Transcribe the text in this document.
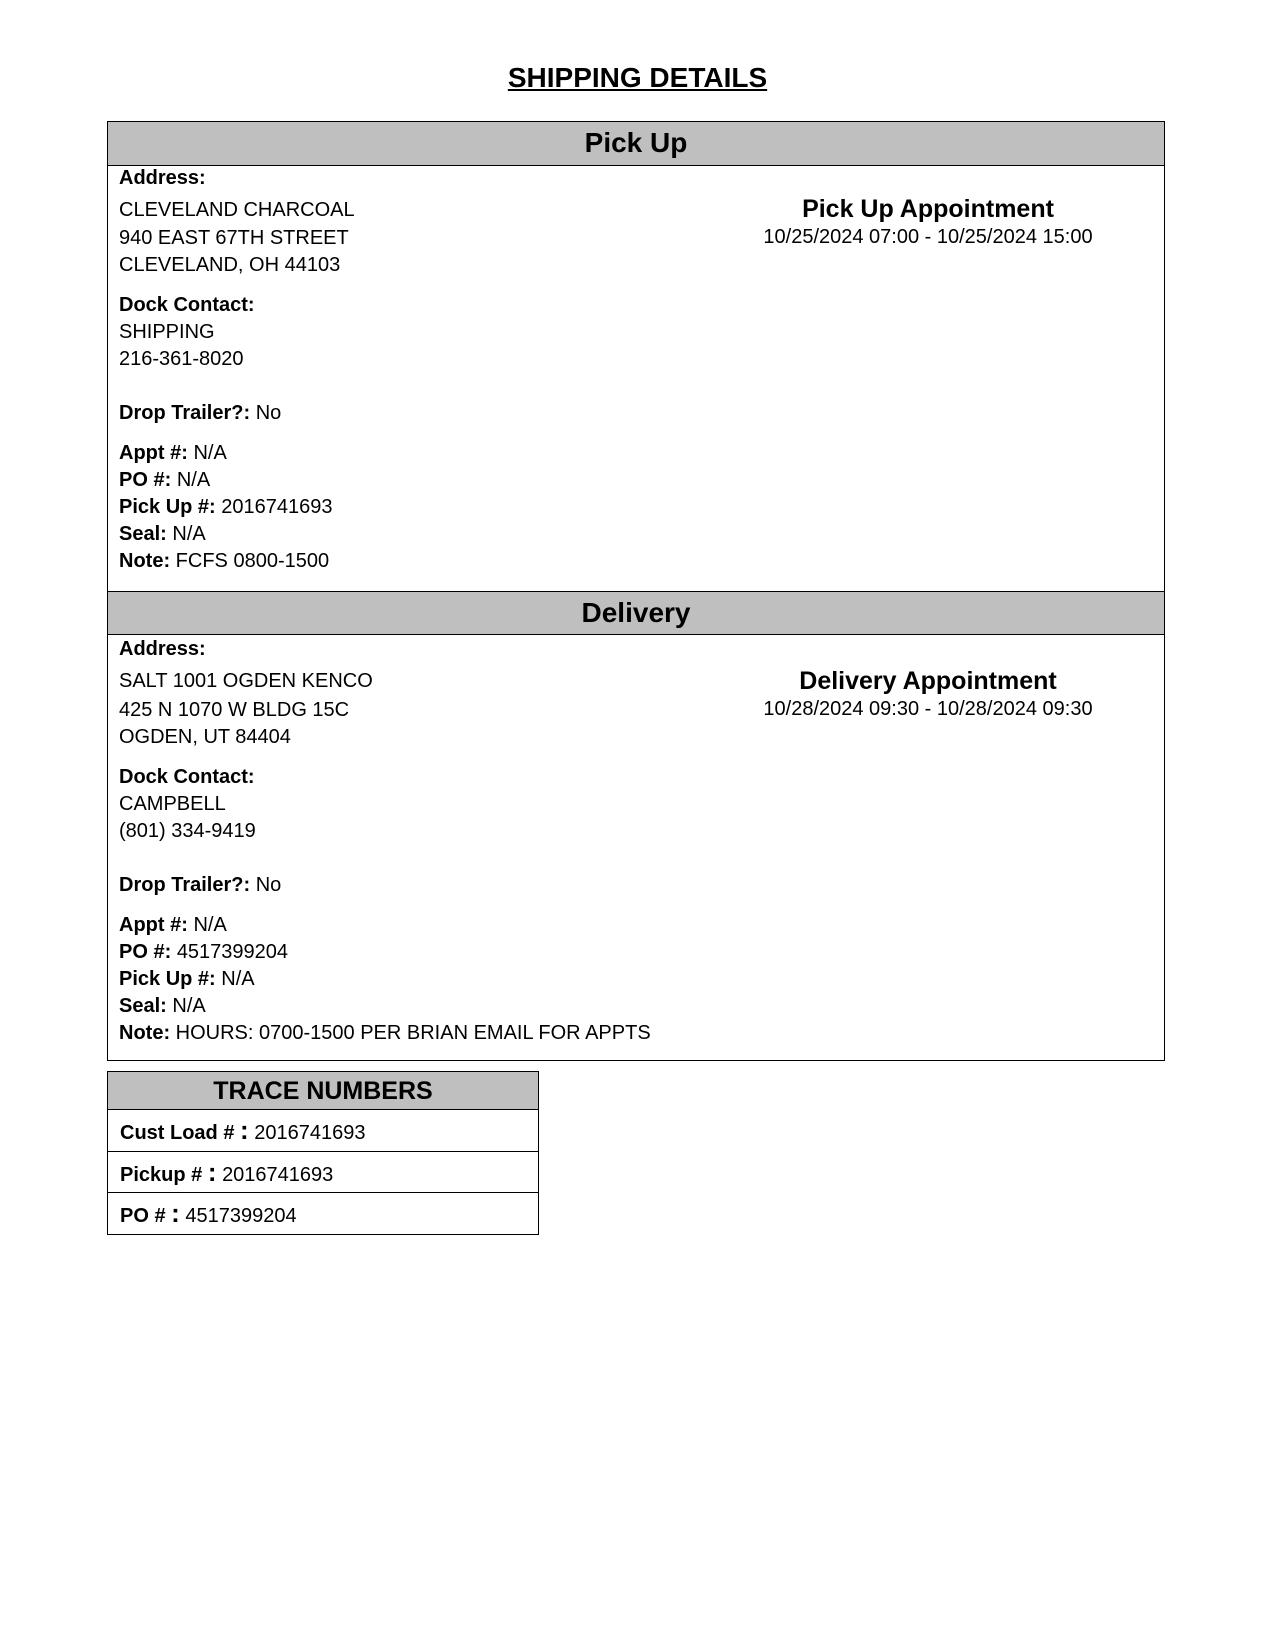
SHIPPING DETAILS
Pick Up
Address:
CLEVELAND CHARCOAL
940 EAST 67TH STREET
CLEVELAND, OH 44103
Dock Contact:
SHIPPING
216-361-8020
Drop Trailer?: No
Appt #: N/A
PO #: N/A
Pick Up #: 2016741693
Seal: N/A
Note: FCFS 0800-1500
Pick Up Appointment
10/25/2024 07:00 - 10/25/2024 15:00
Delivery
Address:
SALT 1001 OGDEN KENCO
425 N 1070 W BLDG 15C
OGDEN, UT 84404
Dock Contact:
CAMPBELL
(801) 334-9419
Drop Trailer?: No
Appt #: N/A
PO #: 4517399204
Pick Up #: N/A
Seal: N/A
Note: HOURS: 0700-1500 PER BRIAN EMAIL FOR APPTS
Delivery Appointment
10/28/2024 09:30 - 10/28/2024 09:30
TRACE NUMBERS
Cust Load # : 2016741693
Pickup # : 2016741693
PO # : 4517399204
